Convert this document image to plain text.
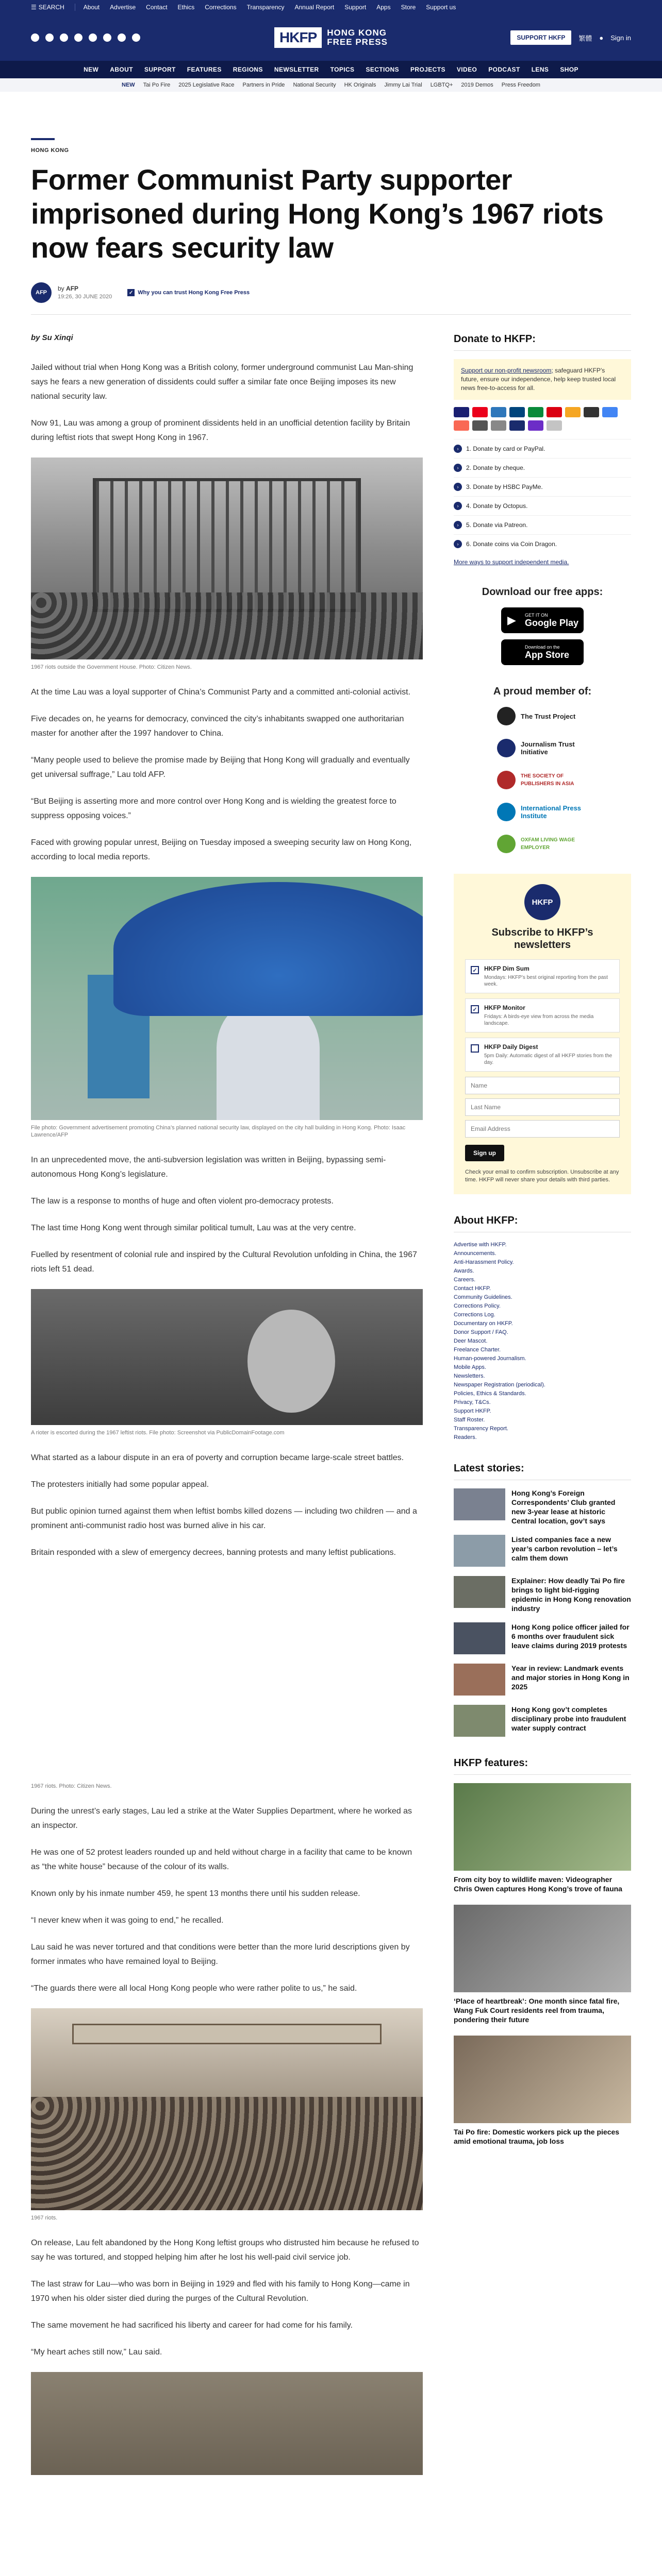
☰ SEARCH	About Advertise Contact Ethics Corrections Transparency Annual Report Support Apps Store Support us
HKFP	HONG KONG
FREE PRESS	SUPPORT HKFP	繁體 ● Sign in
NEW ABOUT SUPPORT FEATURES REGIONS NEWSLETTER TOPICS SECTIONS PROJECTS VIDEO PODCAST LENS SHOP
NEW Tai Po Fire 2025 Legislative Race Partners in Pride National Security HK Originals Jimmy Lai Trial LGBTQ+ 2019 Demos Press Freedom
HONG KONG
Former Communist Party supporter imprisoned during Hong Kong’s 1967 riots now fears security law
AFP
by AFP
19:26, 30 JUNE 2020
✓ Why you can trust Hong Kong Free Press
by Su Xinqi

Jailed without trial when Hong Kong was a British colony, former underground communist Lau Man-shing says he fears a new generation of dissidents could suffer a similar fate once Beijing imposes its new national security law.

Now 91, Lau was among a group of prominent dissidents held in an unofficial detention facility by Britain during leftist riots that swept Hong Kong in 1967.

1967 riots outside the Government House. Photo: Citizen News.

At the time Lau was a loyal supporter of China’s Communist Party and a committed anti-colonial activist.

Five decades on, he yearns for democracy, convinced the city’s inhabitants swapped one authoritarian master for another after the 1997 handover to China.

“Many people used to believe the promise made by Beijing that Hong Kong will gradually and eventually get universal suffrage,” Lau told AFP.

“But Beijing is asserting more and more control over Hong Kong and is wielding the greatest force to suppress opposing voices.”

Faced with growing popular unrest, Beijing on Tuesday imposed a sweeping security law on Hong Kong, according to local media reports.

File photo: Government advertisement promoting China’s planned national security law, displayed on the city hall building in Hong Kong. Photo: Isaac Lawrence/AFP

In an unprecedented move, the anti-subversion legislation was written in Beijing, bypassing semi-autonomous Hong Kong’s legislature.

The law is a response to months of huge and often violent pro-democracy protests.

The last time Hong Kong went through similar political tumult, Lau was at the very centre.

Fuelled by resentment of colonial rule and inspired by the Cultural Revolution unfolding in China, the 1967 riots left 51 dead.

A rioter is escorted during the 1967 leftist riots. File photo: Screenshot via PublicDomainFootage.com

What started as a labour dispute in an era of poverty and corruption became large-scale street battles.

The protesters initially had some popular appeal.

But public opinion turned against them when leftist bombs killed dozens — including two children — and a prominent anti-communist radio host was burned alive in his car.

Britain responded with a slew of emergency decrees, banning protests and many leftist publications.

1967 riots. Photo: Citizen News.

During the unrest’s early stages, Lau led a strike at the Water Supplies Department, where he worked as an inspector.

He was one of 52 protest leaders rounded up and held without charge in a facility that came to be known as “the white house” because of the colour of its walls.

Known only by his inmate number 459, he spent 13 months there until his sudden release.

“I never knew when it was going to end,” he recalled.

Lau said he was never tortured and that conditions were better than the more lurid descriptions given by former inmates who have remained loyal to Beijing.

“The guards there were all local Hong Kong people who were rather polite to us,” he said.

1967 riots.

On release, Lau felt abandoned by the Hong Kong leftist groups who distrusted him because he refused to say he was tortured, and stopped helping him after he lost his well-paid civil service job.

The last straw for Lau—who was born in Beijing in 1929 and fled with his family to Hong Kong—came in 1970 when his older sister died during the purges of the Cultural Revolution.

The same movement he had sacrificed his liberty and career for had come for his family.

“My heart aches still now,” Lau said.

Donate to HKFP:
Support our non-profit newsroom; safeguard HKFP’s future, ensure our independence, help keep trusted local news free-to-access for all.
›	1. Donate by card or PayPal.
›	2. Donate by cheque.
›	3. Donate by HSBC PayMe.
›	4. Donate by Octopus.
›	5. Donate via Patreon.
›	6. Donate coins via Coin Dragon.
More ways to support independent media.
Download our free apps:
▶ GET IT ON
Google Play
Download on the
App Store
A proud member of:
The Trust Project
Journalism Trust Initiative
THE SOCIETY OF PUBLISHERS IN ASIA
International Press Institute
OXFAM LIVING WAGE EMPLOYER
HKFP
Subscribe to HKFP’s newsletters
✓ HKFP Dim Sum
Mondays: HKFP’s best original reporting from the past week.
✓ HKFP Monitor
Fridays: A birds-eye view from across the media landscape.
HKFP Daily Digest
5pm Daily: Automatic digest of all HKFP stories from the day.
Name Last Name Email Address Sign up
Check your email to confirm subscription. Unsubscribe at any time. HKFP will never share your details with third parties.
About HKFP:
Advertise with HKFP.
Announcements.
Anti-Harassment Policy.
Awards.
Careers.
Contact HKFP.
Community Guidelines.
Corrections Policy.
Corrections Log.
Documentary on HKFP.
Donor Support / FAQ.
Deer Mascot.
Freelance Charter.
Human-powered Journalism.
Mobile Apps.
Newsletters.
Newspaper Registration (periodical).
Policies, Ethics & Standards.
Privacy, T&Cs.
Support HKFP.
Staff Roster.
Transparency Report.
Readers.
Latest stories:
Hong Kong’s Foreign Correspondents’ Club granted new 3-year lease at historic Central location, gov’t says
Listed companies face a new year’s carbon revolution – let’s calm them down
Explainer: How deadly Tai Po fire brings to light bid-rigging epidemic in Hong Kong renovation industry
Hong Kong police officer jailed for 6 months over fraudulent sick leave claims during 2019 protests
Year in review: Landmark events and major stories in Hong Kong in 2025
Hong Kong gov’t completes disciplinary probe into fraudulent water supply contract
HKFP features:
From city boy to wildlife maven: Videographer Chris Owen captures Hong Kong’s trove of fauna
‘Place of heartbreak’: One month since fatal fire, Wang Fuk Court residents reel from trauma, pondering their future
Tai Po fire: Domestic workers pick up the pieces amid emotional trauma, job loss
